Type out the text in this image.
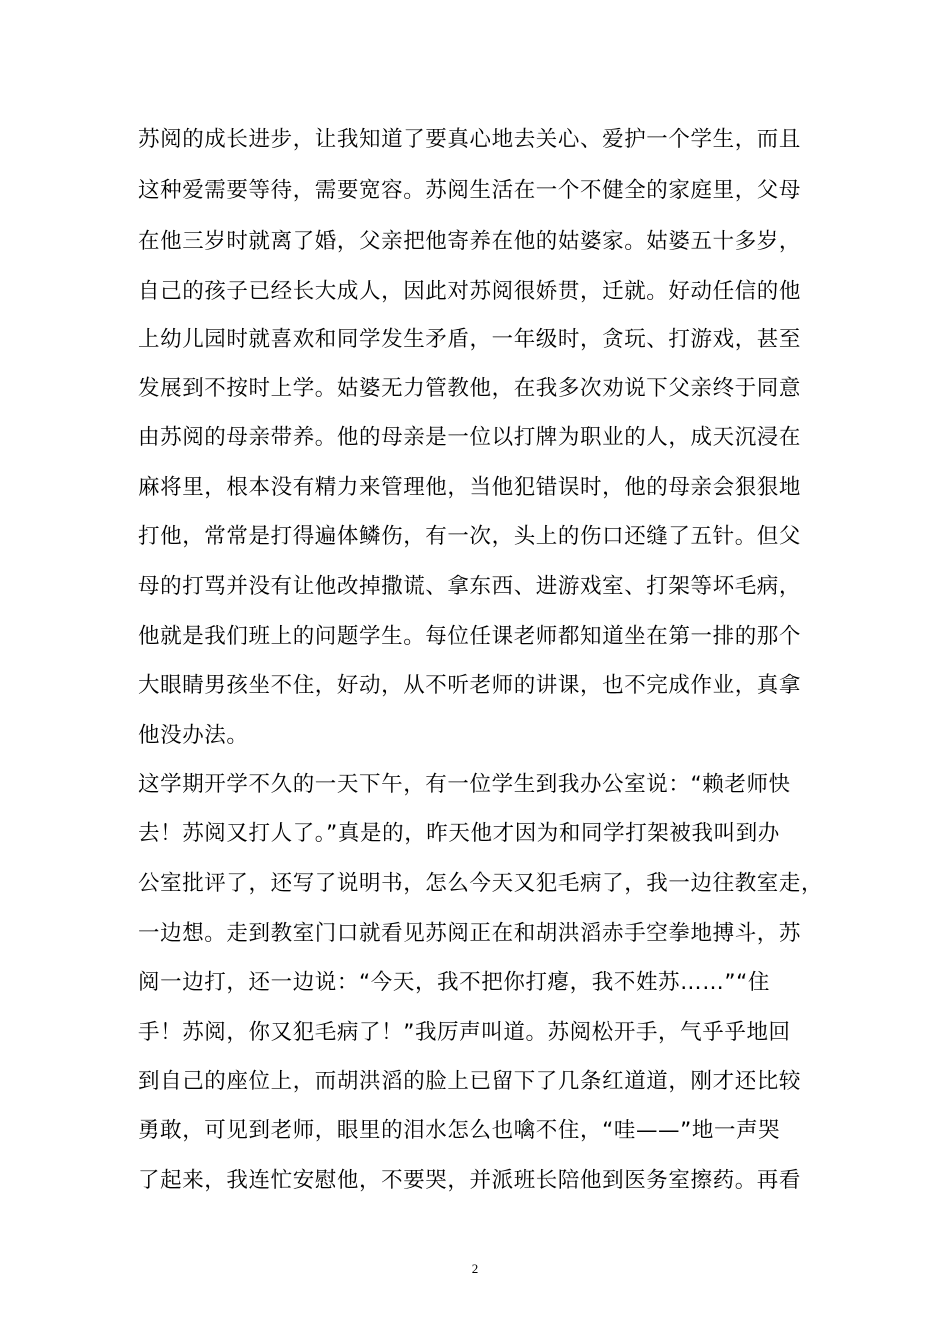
苏阅的成长进步，让我知道了要真心地去关心、爱护一个学生，而且
这种爱需要等待，需要宽容。苏阅生活在一个不健全的家庭里，父母
在他三岁时就离了婚，父亲把他寄养在他的姑婆家。姑婆五十多岁，
自己的孩子已经长大成人，因此对苏阅很娇贯，迁就。好动任信的他
上幼儿园时就喜欢和同学发生矛盾，一年级时，贪玩、打游戏，甚至
发展到不按时上学。姑婆无力管教他，在我多次劝说下父亲终于同意
由苏阅的母亲带养。他的母亲是一位以打牌为职业的人，成天沉浸在
麻将里，根本没有精力来管理他，当他犯错误时，他的母亲会狠狠地
打他，常常是打得遍体鳞伤，有一次，头上的伤口还缝了五针。但父
母的打骂并没有让他改掉撒谎、拿东西、进游戏室、打架等坏毛病，
他就是我们班上的问题学生。每位任课老师都知道坐在第一排的那个
大眼睛男孩坐不住，好动，从不听老师的讲课，也不完成作业，真拿
他没办法。
这学期开学不久的一天下午，有一位学生到我办公室说：“赖老师快
去！苏阅又打人了。”真是的，昨天他才因为和同学打架被我叫到办
公室批评了，还写了说明书，怎么今天又犯毛病了，我一边往教室走，
一边想。走到教室门口就看见苏阅正在和胡洪滔赤手空拳地搏斗，苏
阅一边打，还一边说：“今天，我不把你打瘪，我不姓苏……”“住
手！苏阅，你又犯毛病了！”我厉声叫道。苏阅松开手，气乎乎地回
到自己的座位上，而胡洪滔的脸上已留下了几条红道道，刚才还比较
勇敢，可见到老师，眼里的泪水怎么也噙不住，“哇——”地一声哭
了起来，我连忙安慰他，不要哭，并派班长陪他到医务室擦药。再看
2
